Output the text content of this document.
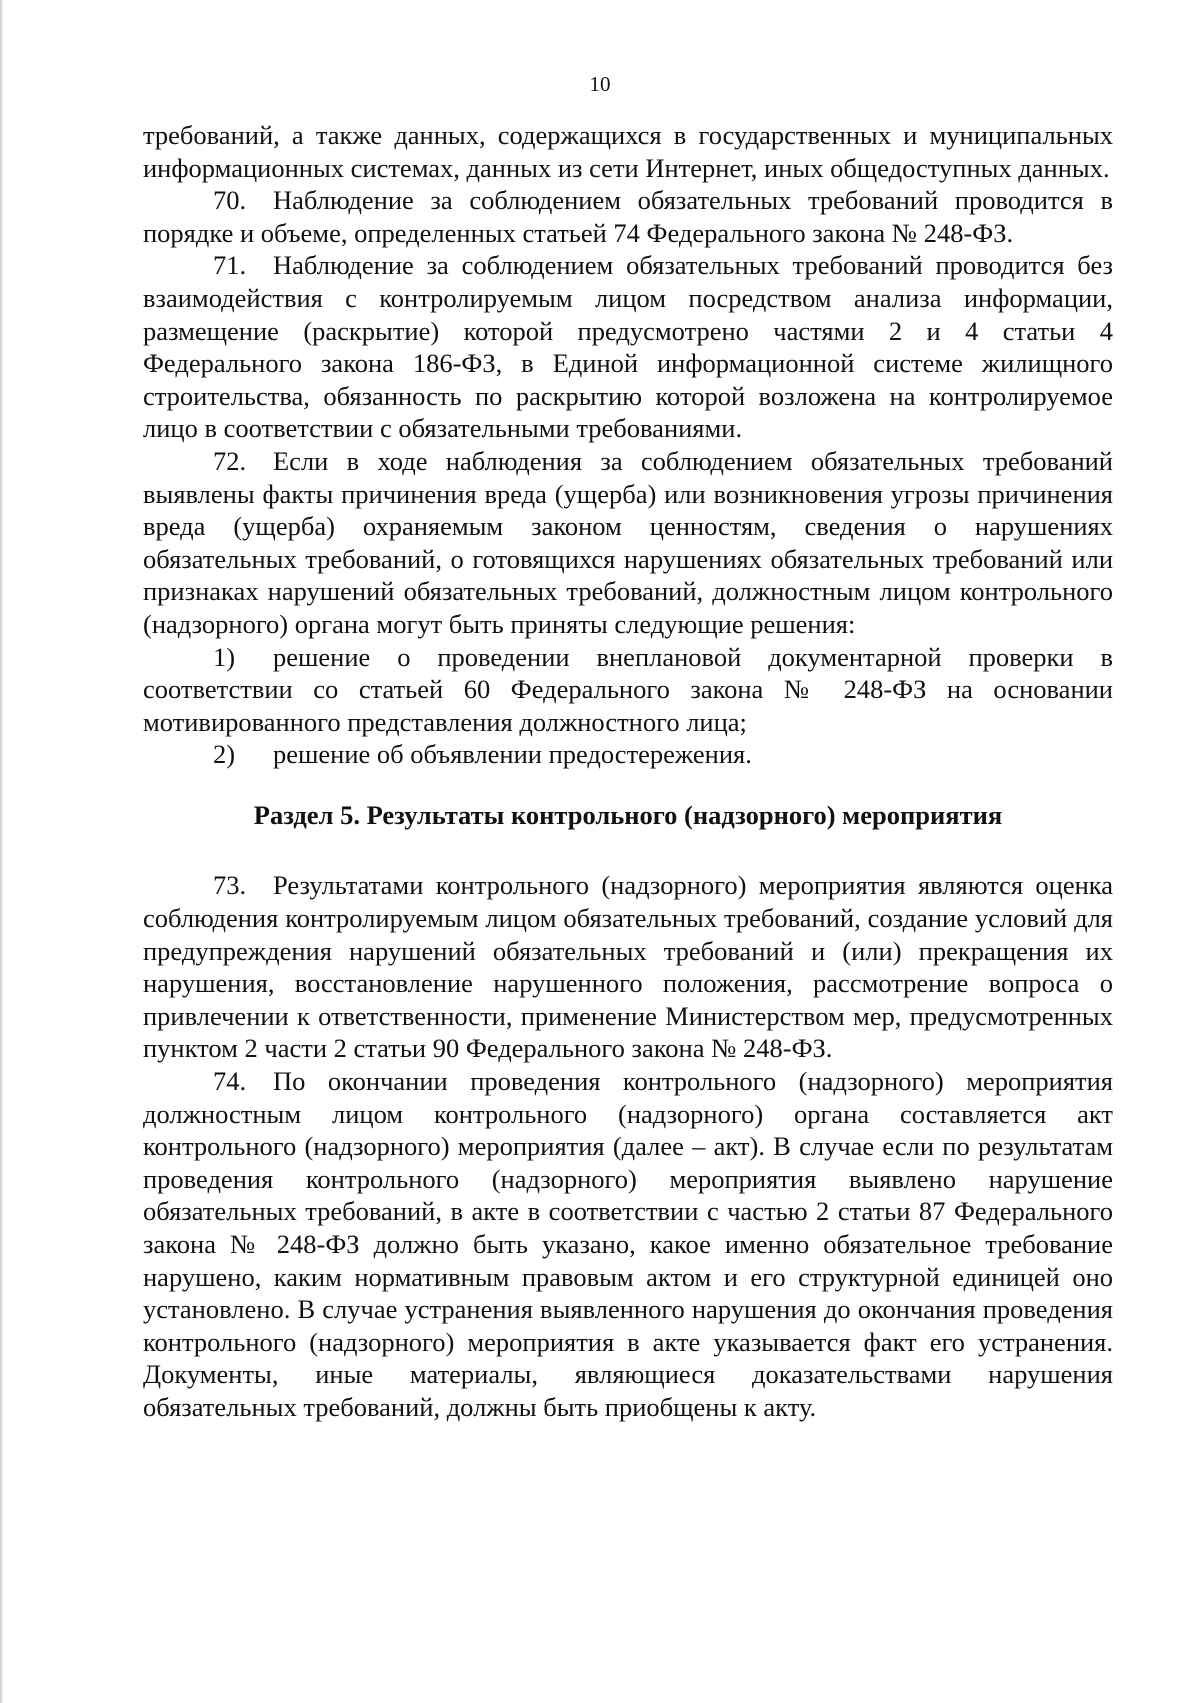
10

требований, а также данных, содержащихся в государственных и муниципальных информационных системах, данных из сети Интернет, иных общедоступных данных.

70. Наблюдение за соблюдением обязательных требований проводится в порядке и объеме, определенных статьей 74 Федерального закона № 248-ФЗ.

71. Наблюдение за соблюдением обязательных требований проводится без взаимодействия с контролируемым лицом посредством анализа информации, размещение (раскрытие) которой предусмотрено частями 2 и 4 статьи 4 Федерального закона 186-ФЗ, в Единой информационной системе жилищного строительства, обязанность по раскрытию которой возложена на контролируемое лицо в соответствии с обязательными требованиями.

72. Если в ходе наблюдения за соблюдением обязательных требований выявлены факты причинения вреда (ущерба) или возникновения угрозы причинения вреда (ущерба) охраняемым законом ценностям, сведения о нарушениях обязательных требований, о готовящихся нарушениях обязательных требований или признаках нарушений обязательных требований, должностным лицом контрольного (надзорного) органа могут быть приняты следующие решения:

1) решение о проведении внеплановой документарной проверки в соответствии со статьей 60 Федерального закона № 248-ФЗ на основании мотивированного представления должностного лица;

2) решение об объявлении предостережения.

Раздел 5. Результаты контрольного (надзорного) мероприятия

73. Результатами контрольного (надзорного) мероприятия являются оценка соблюдения контролируемым лицом обязательных требований, создание условий для предупреждения нарушений обязательных требований и (или) прекращения их нарушения, восстановление нарушенного положения, рассмотрение вопроса о привлечении к ответственности, применение Министерством мер, предусмотренных пунктом 2 части 2 статьи 90 Федерального закона № 248-ФЗ.

74. По окончании проведения контрольного (надзорного) мероприятия должностным лицом контрольного (надзорного) органа составляется акт контрольного (надзорного) мероприятия (далее – акт). В случае если по результатам проведения контрольного (надзорного) мероприятия выявлено нарушение обязательных требований, в акте в соответствии с частью 2 статьи 87 Федерального закона № 248-ФЗ должно быть указано, какое именно обязательное требование нарушено, каким нормативным правовым актом и его структурной единицей оно установлено. В случае устранения выявленного нарушения до окончания проведения контрольного (надзорного) мероприятия в акте указывается факт его устранения. Документы, иные материалы, являющиеся доказательствами нарушения обязательных требований, должны быть приобщены к акту.
